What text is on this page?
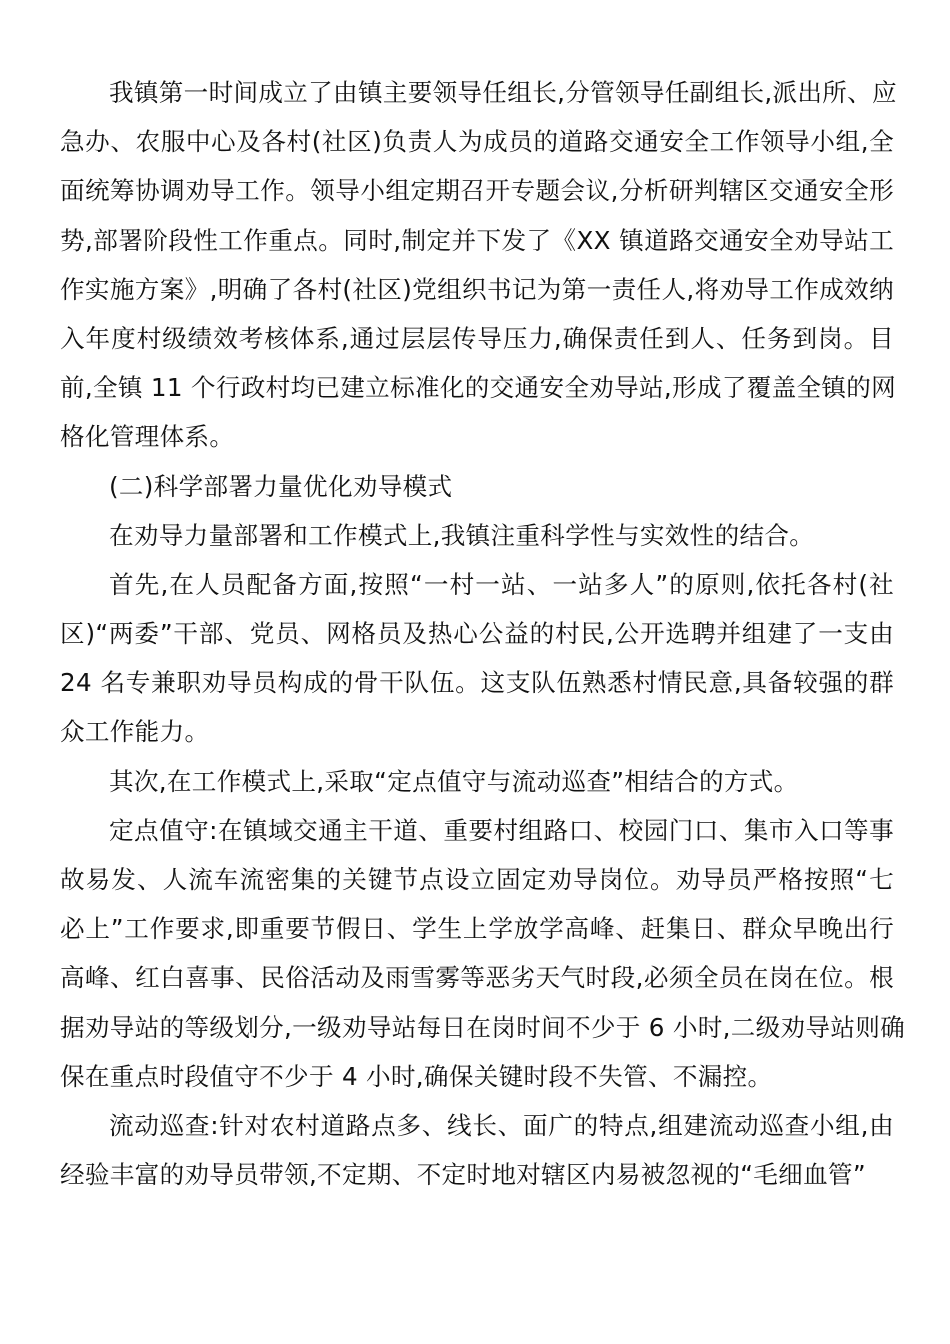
我镇第一时间成立了由镇主要领导任组长,分管领导任副组长,派出所、应
急办、农服中心及各村(社区)负责人为成员的道路交通安全工作领导小组,全
面统筹协调劝导工作。领导小组定期召开专题会议,分析研判辖区交通安全形
势,部署阶段性工作重点。同时,制定并下发了《XX 镇道路交通安全劝导站工
作实施方案》,明确了各村(社区)党组织书记为第一责任人,将劝导工作成效纳
入年度村级绩效考核体系,通过层层传导压力,确保责任到人、任务到岗。目
前,全镇 11 个行政村均已建立标准化的交通安全劝导站,形成了覆盖全镇的网
格化管理体系。
(二)科学部署力量优化劝导模式
在劝导力量部署和工作模式上,我镇注重科学性与实效性的结合。
首先,在人员配备方面,按照“一村一站、一站多人”的原则,依托各村(社
区)“两委”干部、党员、网格员及热心公益的村民,公开选聘并组建了一支由
24 名专兼职劝导员构成的骨干队伍。这支队伍熟悉村情民意,具备较强的群
众工作能力。
其次,在工作模式上,采取“定点值守与流动巡查”相结合的方式。
定点值守:在镇域交通主干道、重要村组路口、校园门口、集市入口等事
故易发、人流车流密集的关键节点设立固定劝导岗位。劝导员严格按照“七
必上”工作要求,即重要节假日、学生上学放学高峰、赶集日、群众早晚出行
高峰、红白喜事、民俗活动及雨雪雾等恶劣天气时段,必须全员在岗在位。根
据劝导站的等级划分,一级劝导站每日在岗时间不少于 6 小时,二级劝导站则确
保在重点时段值守不少于 4 小时,确保关键时段不失管、不漏控。
流动巡查:针对农村道路点多、线长、面广的特点,组建流动巡查小组,由
经验丰富的劝导员带领,不定期、不定时地对辖区内易被忽视的“毛细血管”
